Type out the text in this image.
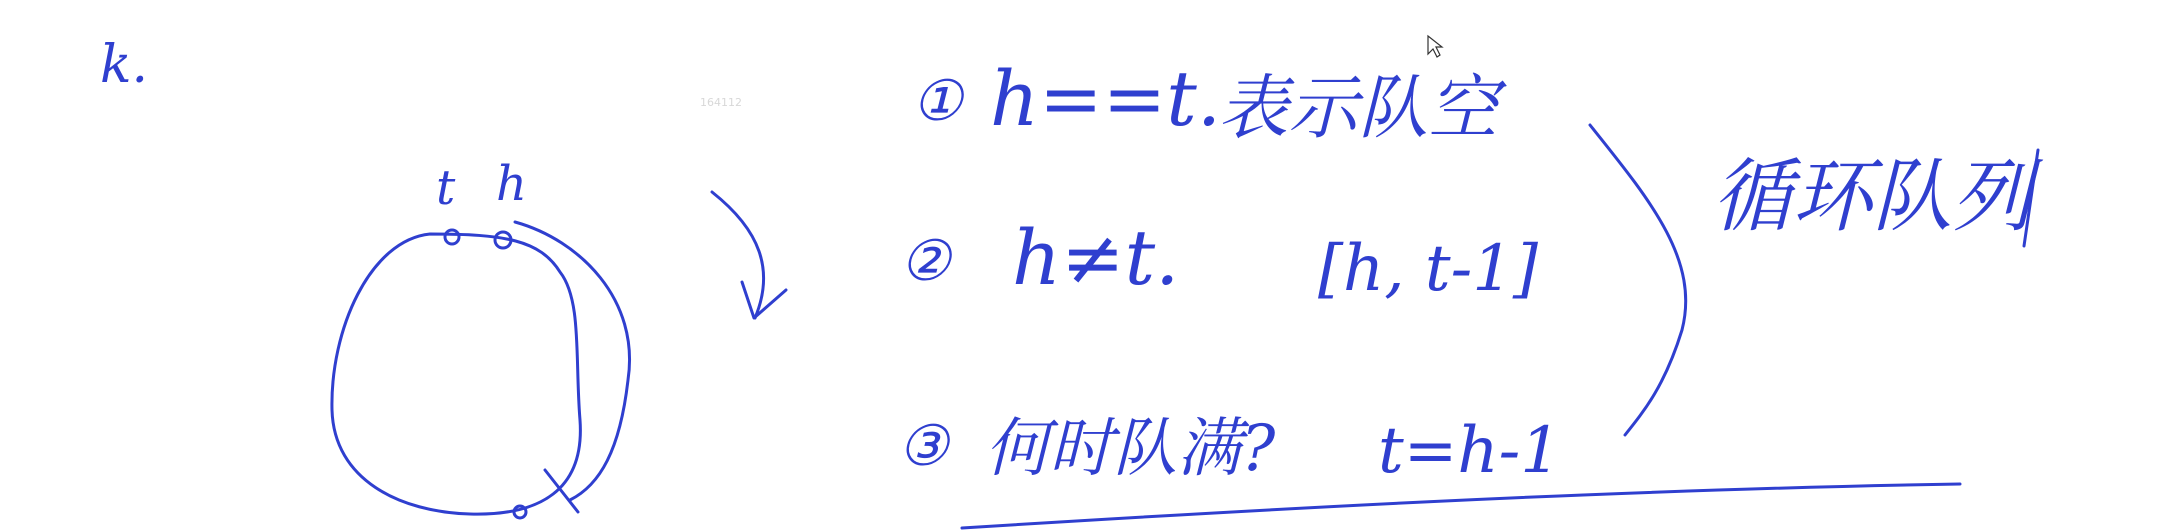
k.
164112
t h
① h==t.
表示队空
② h≠t. [h, t-1]
③ 何时队满? t=h-1
循环队列
